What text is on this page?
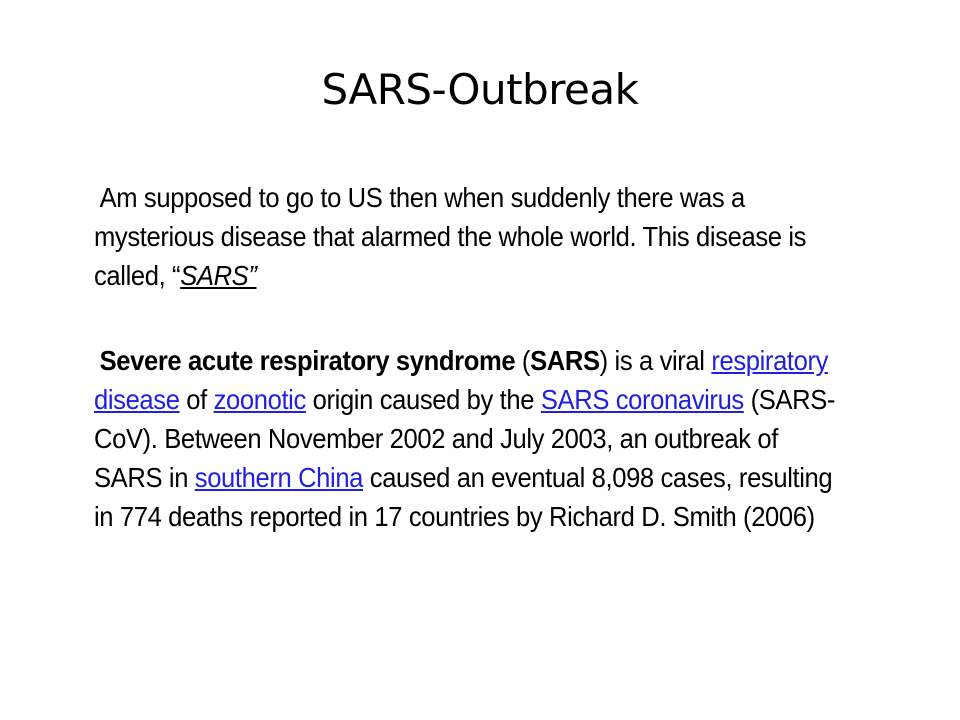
SARS-Outbreak

Am supposed to go to US then when suddenly there was a mysterious disease that alarmed the whole world. This disease is called, “SARS”

Severe acute respiratory syndrome (SARS) is a viral respiratory disease of zoonotic origin caused by the SARS coronavirus (SARS-CoV). Between November 2002 and July 2003, an outbreak of SARS in southern China caused an eventual 8,098 cases, resulting in 774 deaths reported in 17 countries by Richard D. Smith (2006)
